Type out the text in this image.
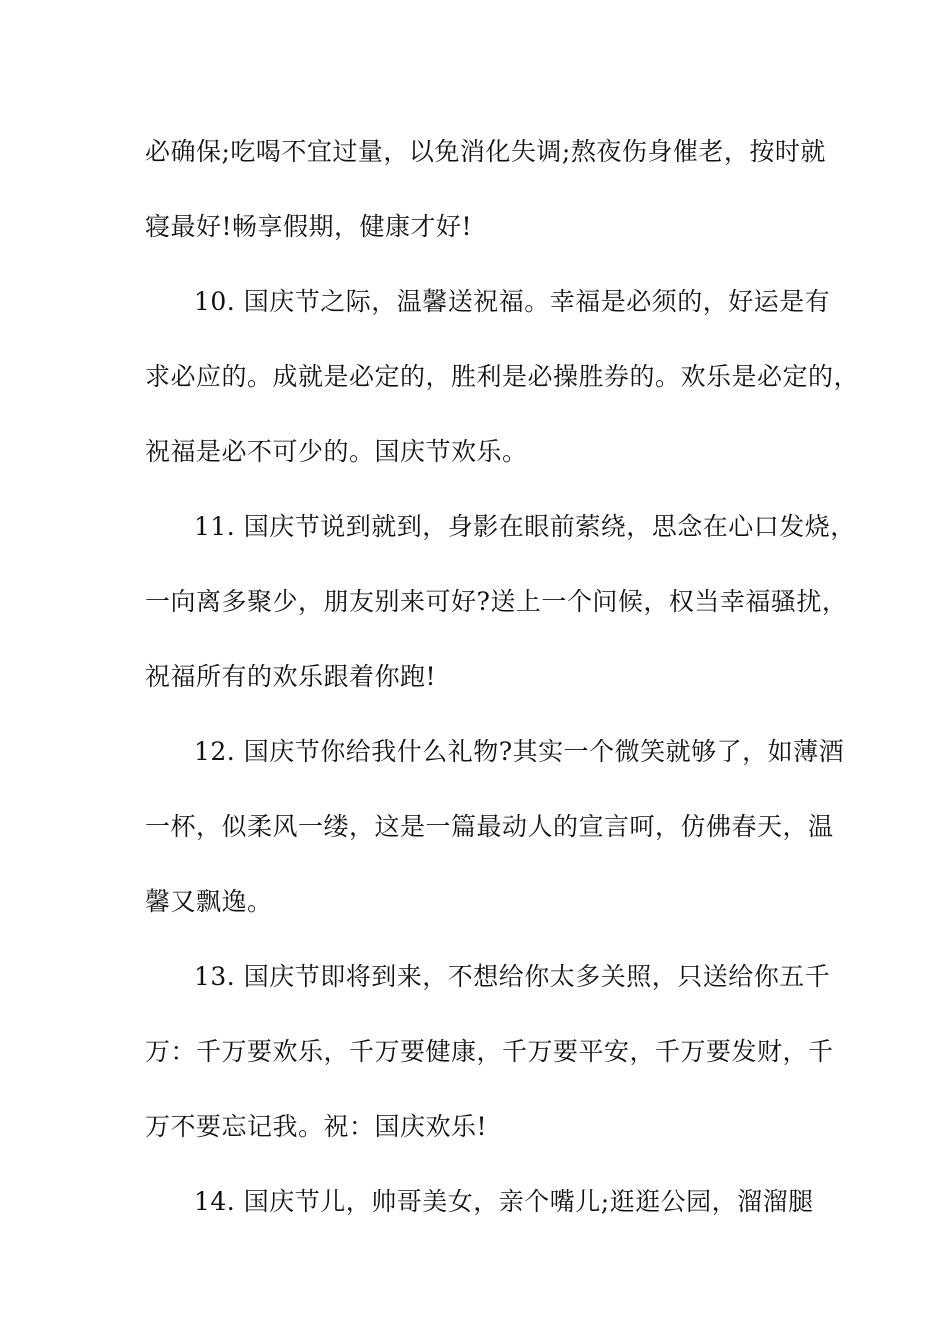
必确保;吃喝不宜过量，以免消化失调;熬夜伤身催老，按时就
寝最好!畅享假期，健康才好!
10. 国庆节之际，温馨送祝福。幸福是必须的，好运是有
求必应的。成就是必定的，胜利是必操胜券的。欢乐是必定的，
祝福是必不可少的。国庆节欢乐。
11. 国庆节说到就到，身影在眼前萦绕，思念在心口发烧，
一向离多聚少，朋友别来可好?送上一个问候，权当幸福骚扰，
祝福所有的欢乐跟着你跑!
12. 国庆节你给我什么礼物?其实一个微笑就够了，如薄酒
一杯，似柔风一缕，这是一篇最动人的宣言呵，仿佛春天，温
馨又飘逸。
13. 国庆节即将到来，不想给你太多关照，只送给你五千
万：千万要欢乐，千万要健康，千万要平安，千万要发财，千
万不要忘记我。祝：国庆欢乐!
14. 国庆节儿，帅哥美女，亲个嘴儿;逛逛公园，溜溜腿
